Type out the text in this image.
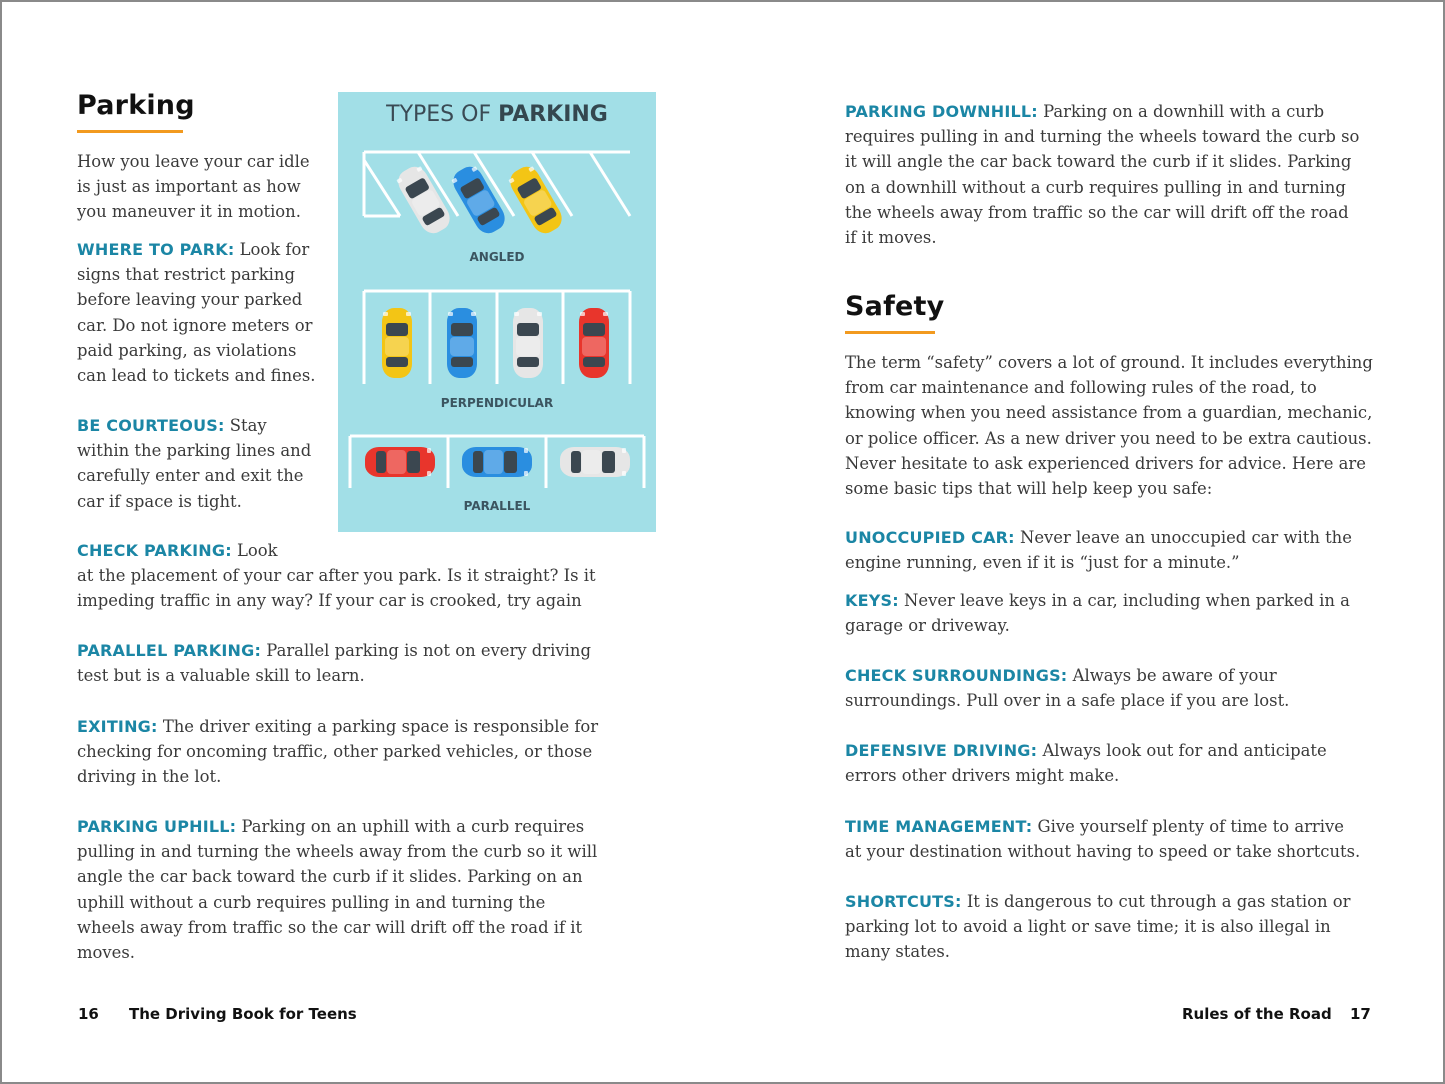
Parking

How you leave your car idle is just as important as how you maneuver it in motion.

WHERE TO PARK: Look for signs that restrict parking before leaving your parked car. Do not ignore meters or paid parking, as violations can lead to tickets and fines.

BE COURTEOUS: Stay within the parking lines and carefully enter and exit the car if space is tight.

CHECK PARKING: Look

at the placement of your car after you park. Is it straight? Is it impeding traffic in any way? If your car is crooked, try again

PARALLEL PARKING: Parallel parking is not on every driving test but is a valuable skill to learn.

EXITING: The driver exiting a parking space is responsible for checking for oncoming traffic, other parked vehicles, or those driving in the lot.

PARKING UPHILL: Parking on an uphill with a curb requires pulling in and turning the wheels away from the curb so it will angle the car back toward the curb if it slides. Parking on an uphill without a curb requires pulling in and turning the wheels away from traffic so the car will drift off the road if it moves.

16 The Driving Book for Teens
TYPES OF PARKING
ANGLED
PERPENDICULAR
PARALLEL

PARKING DOWNHILL: Parking on a downhill with a curb requires pulling in and turning the wheels toward the curb so it will angle the car back toward the curb if it slides. Parking on a downhill without a curb requires pulling in and turning the wheels away from traffic so the car will drift off the road if it moves.

Safety

The term “safety” covers a lot of ground. It includes everything from car maintenance and following rules of the road, to knowing when you need assistance from a guardian, mechanic, or police officer. As a new driver you need to be extra cautious. Never hesitate to ask experienced drivers for advice. Here are some basic tips that will help keep you safe:

UNOCCUPIED CAR: Never leave an unoccupied car with the engine running, even if it is “just for a minute.”

KEYS: Never leave keys in a car, including when parked in a garage or driveway.

CHECK SURROUNDINGS: Always be aware of your surroundings. Pull over in a safe place if you are lost.

DEFENSIVE DRIVING: Always look out for and anticipate errors other drivers might make.

TIME MANAGEMENT: Give yourself plenty of time to arrive at your destination without having to speed or take shortcuts.

SHORTCUTS: It is dangerous to cut through a gas station or parking lot to avoid a light or save time; it is also illegal in many states.

Rules of the Road 17
